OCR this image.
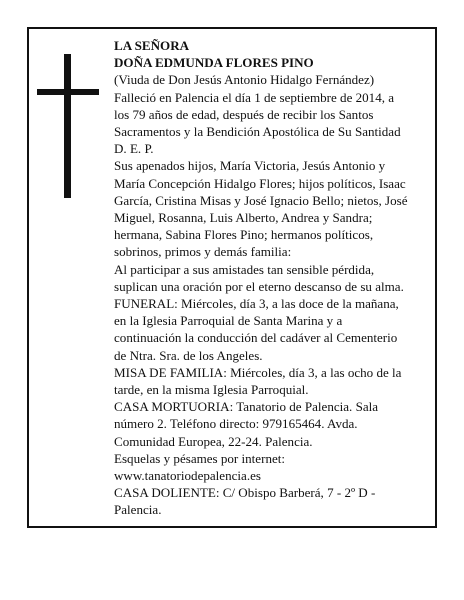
LA SEÑORA
DOÑA EDMUNDA FLORES PINO
(Viuda de Don Jesús Antonio Hidalgo Fernández)
Falleció en Palencia el día 1 de septiembre de 2014, a
los 79 años de edad, después de recibir los Santos
Sacramentos y la Bendición Apostólica de Su Santidad
D. E. P.
Sus apenados hijos, María Victoria, Jesús Antonio y
María Concepción Hidalgo Flores; hijos políticos, Isaac
García, Cristina Misas y José Ignacio Bello; nietos, José
Miguel, Rosanna, Luis Alberto, Andrea y Sandra;
hermana, Sabina Flores Pino; hermanos políticos,
sobrinos, primos y demás familia:
Al participar a sus amistades tan sensible pérdida,
suplican una oración por el eterno descanso de su alma.
FUNERAL: Miércoles, día 3, a las doce de la mañana,
en la Iglesia Parroquial de Santa Marina y a
continuación la conducción del cadáver al Cementerio
de Ntra. Sra. de los Angeles.
MISA DE FAMILIA: Miércoles, día 3, a las ocho de la
tarde, en la misma Iglesia Parroquial.
CASA MORTUORIA: Tanatorio de Palencia. Sala
número 2. Teléfono directo: 979165464. Avda.
Comunidad Europea, 22-24. Palencia.
Esquelas y pésames por internet:
www.tanatoriodepalencia.es
CASA DOLIENTE: C/ Obispo Barberá, 7 - 2º D -
Palencia.
